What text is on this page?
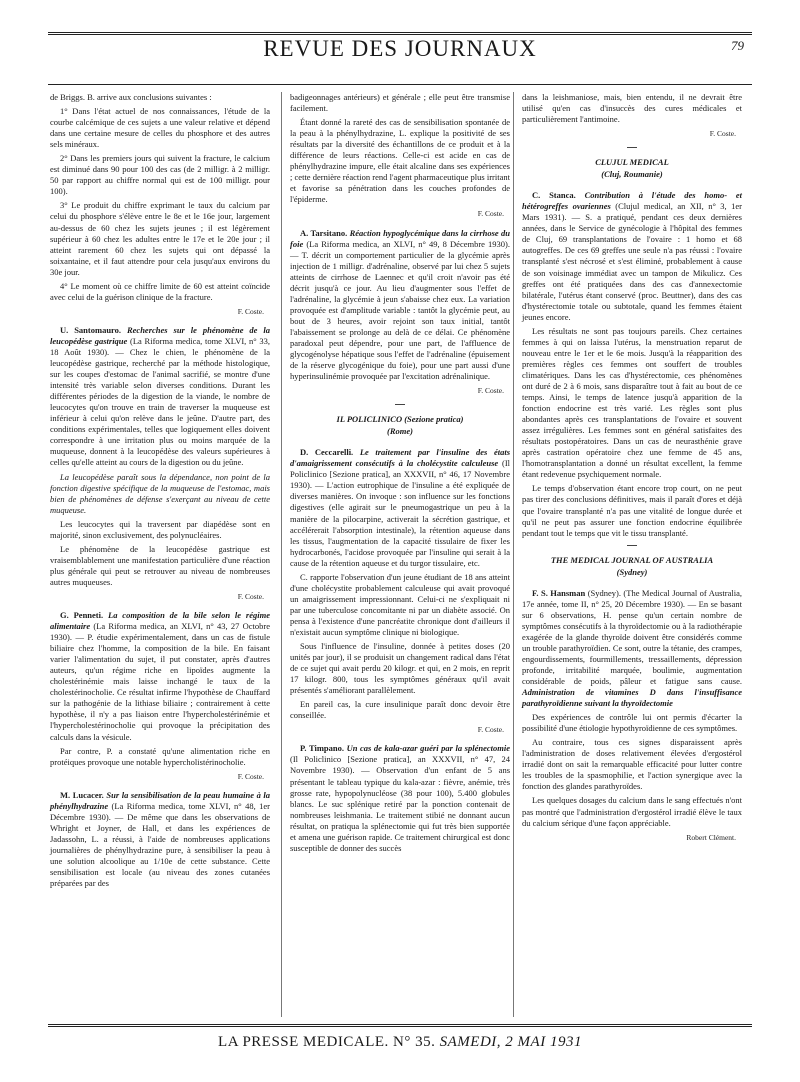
REVUE DES JOURNAUX	79

de Briggs. B. arrive aux conclusions suivantes :

1° Dans l'état actuel de nos connaissances, l'étude de la courbe calcémique de ces sujets a une valeur relative et dépend dans une certaine mesure de celles du phosphore et des autres sels minéraux.

2° Dans les premiers jours qui suivent la fracture, le calcium est diminué dans 90 pour 100 des cas (de 2 milligr. à 2 milligr. 50 par rapport au chiffre normal qui est de 100 milligr. pour 100).

3° Le produit du chiffre exprimant le taux du calcium par celui du phosphore s'élève entre le 8e et le 16e jour, largement au-dessus de 60 chez les sujets jeunes ; il est légèrement supérieur à 60 chez les adultes entre le 17e et le 20e jour ; il atteint rarement 60 chez les sujets qui ont dépassé la soixantaine, et il faut attendre pour cela jusqu'aux environs du 30e jour.

4° Le moment où ce chiffre limite de 60 est atteint coïncide avec celui de la guérison clinique de la fracture.

F. Coste.

U. Santomauro. Recherches sur le phénomène de la leucopédèse gastrique (La Riforma medica, tome XLVI, n° 33, 18 Août 1930). — Chez le chien, le phénomène de la leucopédèse gastrique, recherché par la méthode histologique, sur les coupes d'estomac de l'animal sacrifié, se montre d'une intensité très variable selon diverses conditions. Durant les différentes périodes de la digestion de la viande, le nombre de leucocytes qu'on trouve en train de traverser la muqueuse est inférieur à celui qu'on relève dans le jeûne. D'autre part, des conditions expérimentales, telles que logiquement elles doivent correspondre à une irritation plus ou moins marquée de la muqueuse, donnent à la leucopédèse des valeurs supérieures à celles qu'elle atteint au cours de la digestion ou du jeûne.

La leucopédèse paraît sous la dépendance, non point de la fonction digestive spécifique de la muqueuse de l'estomac, mais bien de phénomènes de défense s'exerçant au niveau de cette muqueuse.

Les leucocytes qui la traversent par diapédèse sont en majorité, sinon exclusivement, des polynucléaires.

Le phénomène de la leucopédèse gastrique est vraisemblablement une manifestation particulière d'une réaction plus générale qui peut se retrouver au niveau de nombreuses autres muqueuses.

F. Coste.

G. Penneti. La composition de la bile selon le régime alimentaire (La Riforma medica, an XLVI, n° 43, 27 Octobre 1930). — P. étudie expérimentalement, dans un cas de fistule biliaire chez l'homme, la composition de la bile. En faisant varier l'alimentation du sujet, il put constater, après d'autres auteurs, qu'un régime riche en lipoïdes augmente la cholestérinémie mais laisse inchangé le taux de la cholestérinocholie. Ce résultat infirme l'hypothèse de Chauffard sur la pathogénie de la lithiase biliaire ; contrairement à cette hypothèse, il n'y a pas liaison entre l'hypercholestérinémie et l'hypercholestérinocholie qui provoque la précipitation des calculs dans la vésicule.

Par contre, P. a constaté qu'une alimentation riche en protéiques provoque une notable hypercholistérinocholie.

F. Coste.

M. Lucacer. Sur la sensibilisation de la peau humaine à la phénylhydrazine (La Riforma medica, tome XLVI, n° 48, 1er Décembre 1930). — De même que dans les observations de Whright et Joyner, de Hall, et dans les expériences de Jadassohn, L. a réussi, à l'aide de nombreuses applications journalières de phénylhydrazine pure, à sensibiliser la peau à une solution alcoolique au 1/10e de cette substance. Cette sensibilisation est locale (au niveau des zones cutanées préparées par des

badigeonnages antérieurs) et générale ; elle peut être transmise facilement.

Étant donné la rareté des cas de sensibilisation spontanée de la peau à la phénylhydrazine, L. explique la positivité de ses résultats par la diversité des échantillons de ce produit et à la différence de leurs réactions. Celle-ci est acide en cas de phénylhydrazine impure, elle était alcaline dans ses expériences ; cette dernière réaction rend l'agent pharmaceutique plus irritant et favorise sa pénétration dans les couches profondes de l'épiderme.

F. Coste.

A. Tarsitano. Réaction hypoglycémique dans la cirrhose du foie (La Riforma medica, an XLVI, n° 49, 8 Décembre 1930). — T. décrit un comportement particulier de la glycémie après injection de 1 milligr. d'adrénaline, observé par lui chez 5 sujets atteints de cirrhose de Laennec et qu'il croit n'avoir pas été décrit jusqu'à ce jour. Au lieu d'augmenter sous l'effet de l'adrénaline, la glycémie à jeun s'abaisse chez eux. La variation provoquée est d'amplitude variable : tantôt la glycémie peut, au bout de 3 heures, avoir rejoint son taux initial, tantôt l'abaissement se prolonge au delà de ce délai. Ce phénomène paradoxal peut dépendre, pour une part, de l'affluence de glycogénolyse hépatique sous l'effet de l'adrénaline (épuisement de la réserve glycogénique du foie), pour une part aussi d'une hyperinsulinémie provoquée par l'excitation adrénalinique.

F. Coste.
IL POLICLINICO (Sezione pratica)
(Rome)

D. Ceccarelli. Le traitement par l'insuline des états d'amaigrissement consécutifs à la cholécystite calculeuse (Il Policlinico [Sezione pratica], an XXXVII, n° 46, 17 Novembre 1930). — L'action eutrophique de l'insuline a été expliquée de diverses manières. On invoque : son influence sur les fonctions digestives (elle agirait sur le pneumogastrique un peu à la manière de la pilocarpine, activerait la sécrétion gastrique, et accélérerait l'absorption intestinale), la rétention aqueuse dans les tissus, l'augmentation de la capacité tissulaire de fixer les hydrocarbonés, l'acidose provoquée par l'insuline qui serait à la cause de la rétention aqueuse et du turgor tissulaire, etc.

C. rapporte l'observation d'un jeune étudiant de 18 ans atteint d'une cholécystite probablement calculeuse qui avait provoqué un amaigrissement impressionnant. Celui-ci ne s'expliquait ni par une tuberculose concomitante ni par un diabète associé. On pensa à l'existence d'une pancréatite chronique dont d'ailleurs il n'existait aucun symptôme clinique ni biologique.

Sous l'influence de l'insuline, donnée à petites doses (20 unités par jour), il se produisit un changement radical dans l'état de ce sujet qui avait perdu 20 kilogr. et qui, en 2 mois, en reprit 17 kilogr. 800, tous les symptômes généraux qu'il avait présentés s'améliorant parallèlement.

En pareil cas, la cure insulinique paraît donc devoir être conseillée.

F. Coste.

P. Timpano. Un cas de kala-azar guéri par la splénectomie (Il Policlinico [Sezione pratica], an XXXVII, n° 47, 24 Novembre 1930). — Observation d'un enfant de 5 ans présentant le tableau typique du kala-azar : fièvre, anémie, très grosse rate, hypopolynucléose (38 pour 100), 5.400 globules blancs. Le suc splénique retiré par la ponction contenait de nombreuses leishmania. Le traitement stibié ne donnant aucun résultat, on pratiqua la splénectomie qui fut très bien supportée et amena une guérison rapide. Ce traitement chirurgical est donc susceptible de donner des succès

dans la leishmaniose, mais, bien entendu, il ne devrait être utilisé qu'en cas d'insuccès des cures médicales et particulièrement l'antimoine.

F. Coste.
CLUJUL MEDICAL
(Cluj, Roumanie)

C. Stanca. Contribution à l'étude des homo- et hétérogreffes ovariennes (Clujul medical, an XII, n° 3, 1er Mars 1931). — S. a pratiqué, pendant ces deux dernières années, dans le Service de gynécologie à l'hôpital des femmes de Cluj, 69 transplantations de l'ovaire : 1 homo et 68 autogreffes. De ces 69 greffes une seule n'a pas réussi : l'ovaire transplanté s'est nécrosé et s'est éliminé, probablement à cause de son voisinage immédiat avec un tampon de Mikulicz. Ces greffes ont été pratiquées dans des cas d'annexectomie bilatérale, l'utérus étant conservé (proc. Beuttner), dans des cas d'hystérectomie totale ou subtotale, quand les femmes étaient jeunes encore.

Les résultats ne sont pas toujours pareils. Chez certaines femmes à qui on laissa l'utérus, la menstruation reparut de nouveau entre le 1er et le 6e mois. Jusqu'à la réapparition des premières règles ces femmes ont souffert de troubles climatériques. Dans les cas d'hystérectomie, ces phénomènes ont duré de 2 à 6 mois, sans disparaître tout à fait au bout de ce temps. Ainsi, le temps de latence jusqu'à apparition de la fonction endocrine est très varié. Les règles sont plus abondantes après ces transplantations de l'ovaire et souvent assez irrégulières. Les femmes sont en général satisfaites des résultats postopératoires. Dans un cas de neurasthénie grave après castration opératoire chez une femme de 45 ans, l'homotransplantation a donné un résultat excellent, la femme étant redevenue psychiquement normale.

Le temps d'observation étant encore trop court, on ne peut pas tirer des conclusions définitives, mais il paraît d'ores et déjà que l'ovaire transplanté n'a pas une vitalité de longue durée et qu'il ne peut pas assurer une fonction endocrine équilibrée pendant tout le temps que vit le tissu transplanté.

THE MEDICAL JOURNAL OF AUSTRALIA
(Sydney)

F. S. Hansman (Sydney). (The Medical Journal of Australia, 17e année, tome II, n° 25, 20 Décembre 1930). — En se basant sur 6 observations, H. pense qu'un certain nombre de symptômes consécutifs à la thyroïdectomie ou à la radiothérapie exagérée de la glande thyroïde doivent être considérés comme un trouble parathyroïdien. Ce sont, outre la tétanie, des crampes, engourdissements, fourmillements, tressaillements, dépression profonde, irritabilité marquée, boulimie, augmentation considérable de poids, pâleur et fatigue sans cause. Administration de vitamines D dans l'insuffisance parathyroïdienne suivant la thyroïdectomie

Des expériences de contrôle lui ont permis d'écarter la possibilité d'une étiologie hypothyroïdienne de ces symptômes.

Au contraire, tous ces signes disparaissent après l'administration de doses relativement élevées d'ergostérol irradié dont on sait la remarquable efficacité pour lutter contre les troubles de la spasmophilie, et l'action synergique avec la fonction des glandes parathyroïdes.

Les quelques dosages du calcium dans le sang effectués n'ont pas montré que l'administration d'ergostérol irradié élève le taux du calcium sérique d'une façon appréciable.

Robert Clément.
LA PRESSE MEDICALE. N° 35. SAMEDI, 2 MAI 1931
